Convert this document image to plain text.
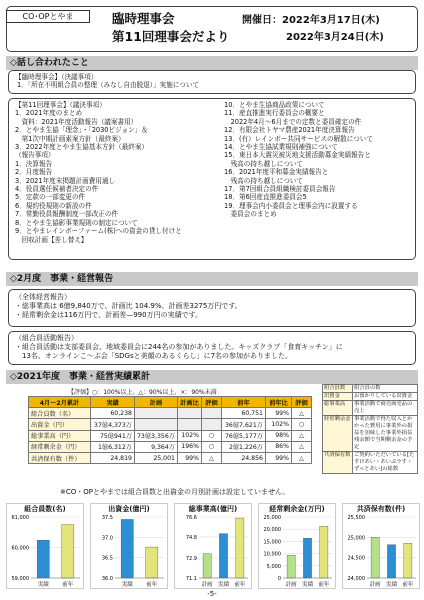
CO･OPとやま	臨時理事会
第11回理事会だより
開催日：2022年3月17日(木)
2022年3月24日(木)
◇話し合われたこと
【臨時理事会】（決議事項）
1．「所在不明組合員の整理（みなし自由脱退）」実施について
【第11回理事会】（議決事項）
1．2021年度のまとめ
　資料：2021年度活動報告（議案書用）
2．とやま生協「理念」・「2030ビジョン」＆
　第1次中期計画素案方針（最終案）
3．2022年度とやま生協基本方針（最終案）
（報告事項）
1．決算報告
2．月度報告
3．2021年度末掲題計画費用通し
4．役員選任候補者決定の件
5．定款の一部変更の件
6．規約役規則の新設の件
7．常勤役員報酬制度一部改正の件
8．とやま生協影事業規則の制定について
9．とやまレインボーファーム(株)への資金の貸し付けと
　回収計画【差し替え】
10．とやま生協商品政策について
11．産直推進実行委員会の概要と
　2022年4月〜6月までの定数と委員確定の件
12．有限会社トヤマ農産2021年度決算報告
13．(有）レインボー共同サービスの解散について
14．とやま生協試業規則補強について
15．東日本大震災被災地支援活動募金実績報告と
　残高の持ち越しについて
16．2021年度平和募金実績報告と
　残高の持ち越しについて
17．第7回組合員組織検討委員会報告
18．第6回産直推進委員会5
19．理事会内小委員会と理事会内に設置する
　委員会のまとめ
◇2月度　事業・経営報告
（全体経営報告）
・総事業高は 6億9,840万で、計画比 104.9%、計画差3275万円です。
・経常剰余金は116万円で、計画差—990万円の実績です。
（組合員活動報告）
・組合員活動は支部委員会、地域委員会に244名の参加がありました。キッズクラブ「食育キッチン」に
　13名、オンラインこ〜ぷ会「SDGsと美顔のあるくらし」に7名の参加がありました。
◇2021年度　事業・経営実績累計
【評価】○：100%以上、△：90%以上、×：90%未満
4月〜2月累計	実績	計画	計画比	評価	前年	前年比	評価
組合員数（名）	60,238				60,751	99%	△
出資金（円）	37億4,373万				36億7,621万	102%	○
総事業高（円）	75億941万	73億3,356万	102%	○	76億5,177万	98%	△
経常剰余金（円）	1億6,312万	9,364万	196%	○	2億1,226万	86%	△
共済保有数（件）	24,819	25,001	99%	△	24,856	99%	△
組合員数	組合員の数
出資金	お預かりしている出資金
総事業高	事業活動で商売商売品の売上
経常剰余金	事業活動で得た収入とかかった費用に事業外の損益を加味した事業外損益残余額で当期剰余金の予定
共済保有数	ご契約いただいている[たすけあい・あいぷラす・ずっとあい]の総数
※CO・OPとやまでは組合員数と出資金の月別計画は設定していません。
組合員数(名)
61,000
60,000
59,000
実績 前年
出資金(億円)
37.5
37.0
36.5
36.0
実績 前年
総事業高(億円)
76.6
74.8
72.9
71.1
計画 実績 前年
経常剰余金(万円)
25,000
20,000
15,000
10,000
5,000
0
計画 実績 前年
共済保有数(件)
25,500
25,000
24,500
24,000
計画 実績 前年
-5-
